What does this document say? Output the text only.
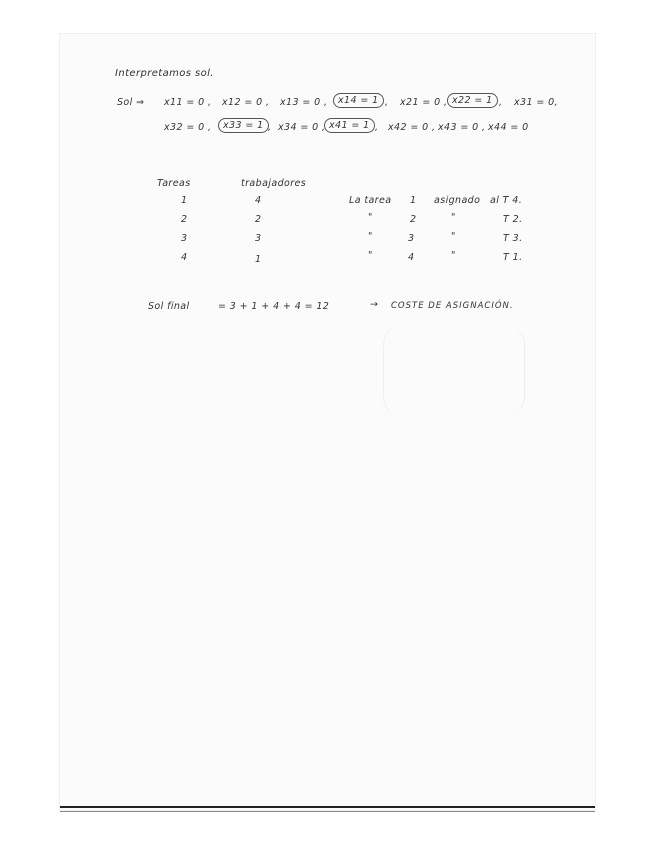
Interpretamos sol.
Sol ⇒ x11 = 0 , x12 = 0 , x13 = 0 ,	x14 = 1 , x21 = 0 , x22 = 1 , x31 = 0,
x32 = 0 ,	x33 = 1 , x34 = 0 , x41 = 1 , x42 = 0 , x43 = 0 , x44 = 0
Tareas	trabajadores
1	4	La tarea 1 asignado al T 4.
2	2	"	2	"	T 2.
3	3	"	3	"	T 3.
4	1	"	4	"	T 1.
Sol final	= 3 + 1 + 4 + 4 = 12	→ COSTE DE ASIGNACIÓN.
